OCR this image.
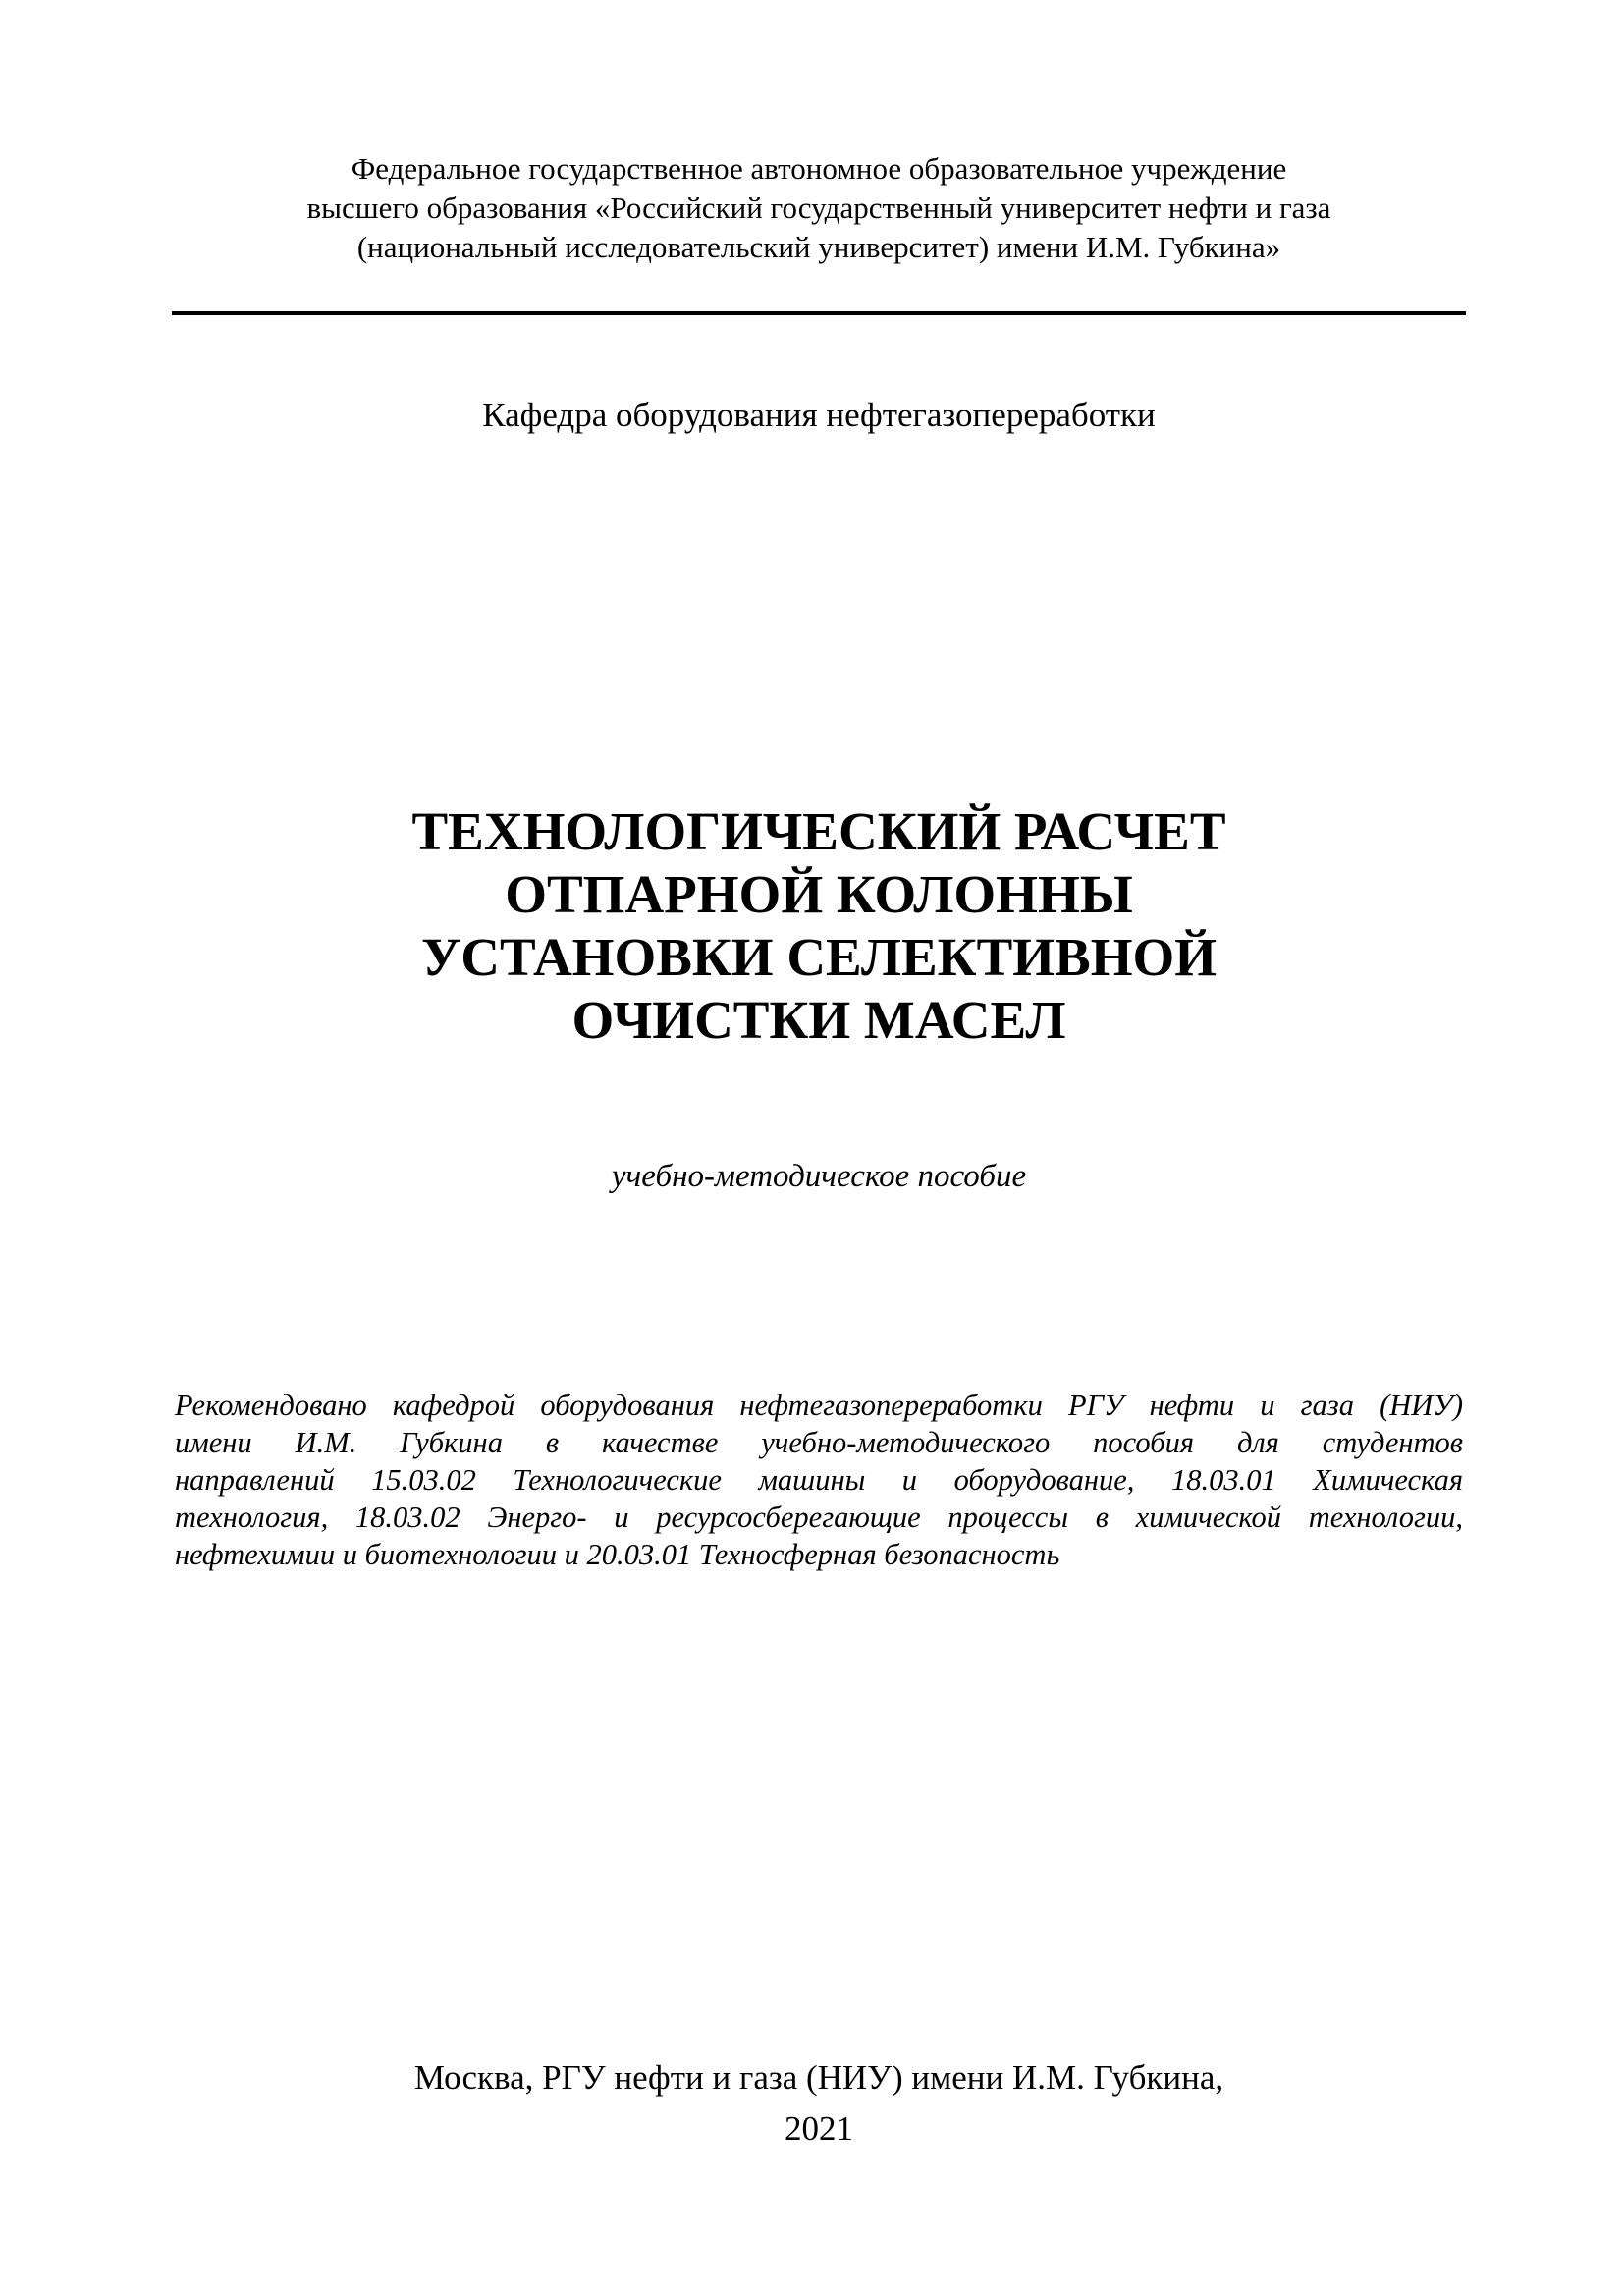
Федеральное государственное автономное образовательное учреждение
высшего образования «Российский государственный университет нефти и газа
(национальный исследовательский университет) имени И.М. Губкина»
Кафедра оборудования нефтегазопереработки
ТЕХНОЛОГИЧЕСКИЙ РАСЧЕТ
ОТПАРНОЙ КОЛОННЫ
УСТАНОВКИ СЕЛЕКТИВНОЙ
ОЧИСТКИ МАСЕЛ
учебно-методическое пособие
Рекомендовано кафедрой оборудования нефтегазопереработки РГУ нефти и газа (НИУ)
имени И.М. Губкина в качестве учебно-методического пособия для студентов
направлений 15.03.02 Технологические машины и оборудование, 18.03.01 Химическая
технология, 18.03.02 Энерго- и ресурсосберегающие процессы в химической технологии,
нефтехимии и биотехнологии и 20.03.01 Техносферная безопасность
Москва, РГУ нефти и газа (НИУ) имени И.М. Губкина,
2021
